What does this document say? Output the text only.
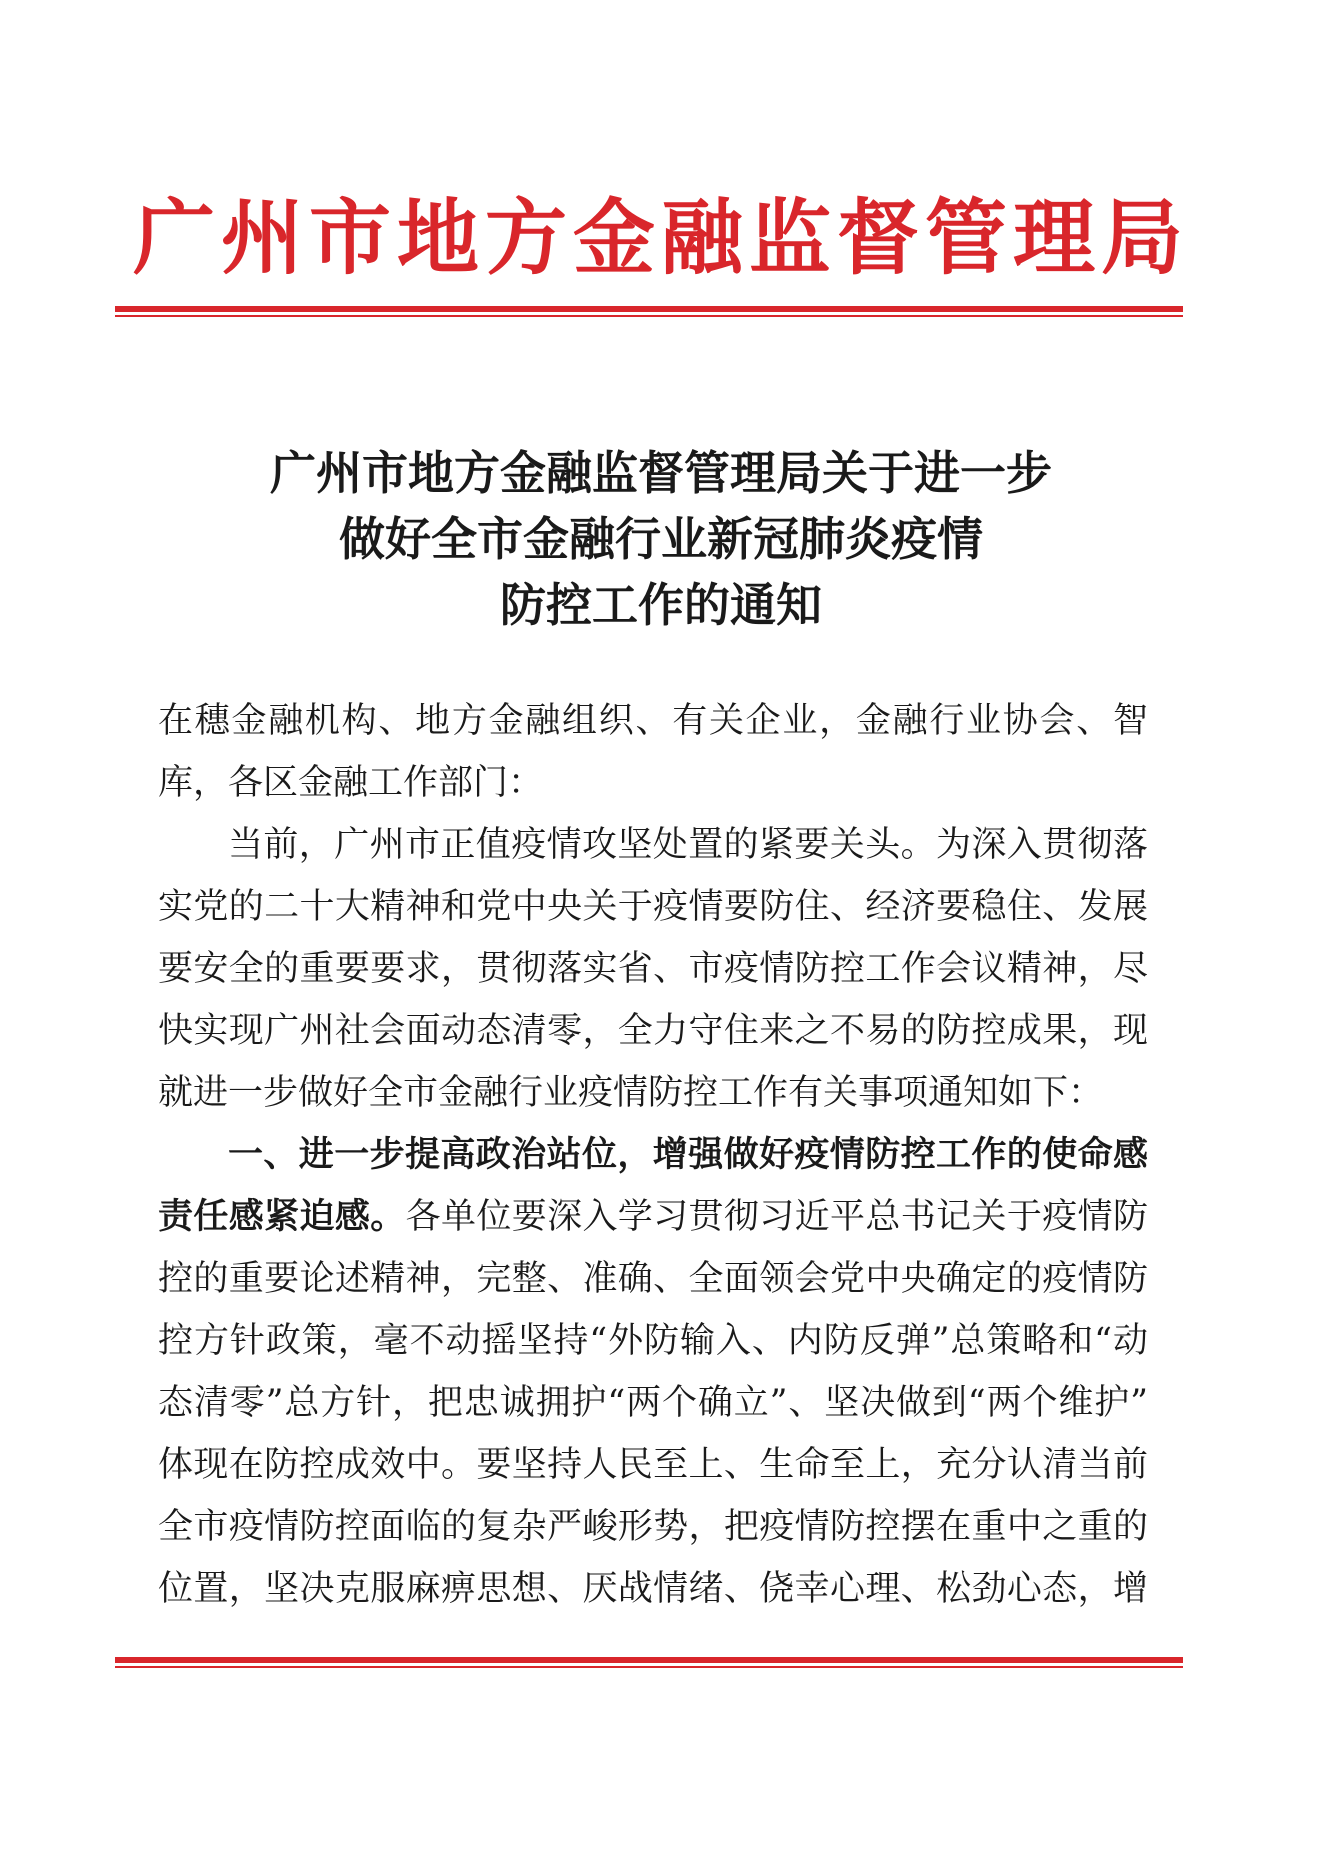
广州市地方金融监督管理局
广州市地方金融监督管理局关于进一步
做好全市金融行业新冠肺炎疫情
防控工作的通知
在穗金融机构、地方金融组织、有关企业，金融行业协会、智
库，各区金融工作部门：
当前，广州市正值疫情攻坚处置的紧要关头。为深入贯彻落
实党的二十大精神和党中央关于疫情要防住、经济要稳住、发展
要安全的重要要求，贯彻落实省、市疫情防控工作会议精神，尽
快实现广州社会面动态清零，全力守住来之不易的防控成果，现
就进一步做好全市金融行业疫情防控工作有关事项通知如下：
一、进一步提高政治站位，增强做好疫情防控工作的使命感
责任感紧迫感。各单位要深入学习贯彻习近平总书记关于疫情防
控的重要论述精神，完整、准确、全面领会党中央确定的疫情防
控方针政策，毫不动摇坚持“外防输入、内防反弹”总策略和“动
态清零”总方针，把忠诚拥护“两个确立”、坚决做到“两个维护”
体现在防控成效中。要坚持人民至上、生命至上，充分认清当前
全市疫情防控面临的复杂严峻形势，把疫情防控摆在重中之重的
位置，坚决克服麻痹思想、厌战情绪、侥幸心理、松劲心态，增
